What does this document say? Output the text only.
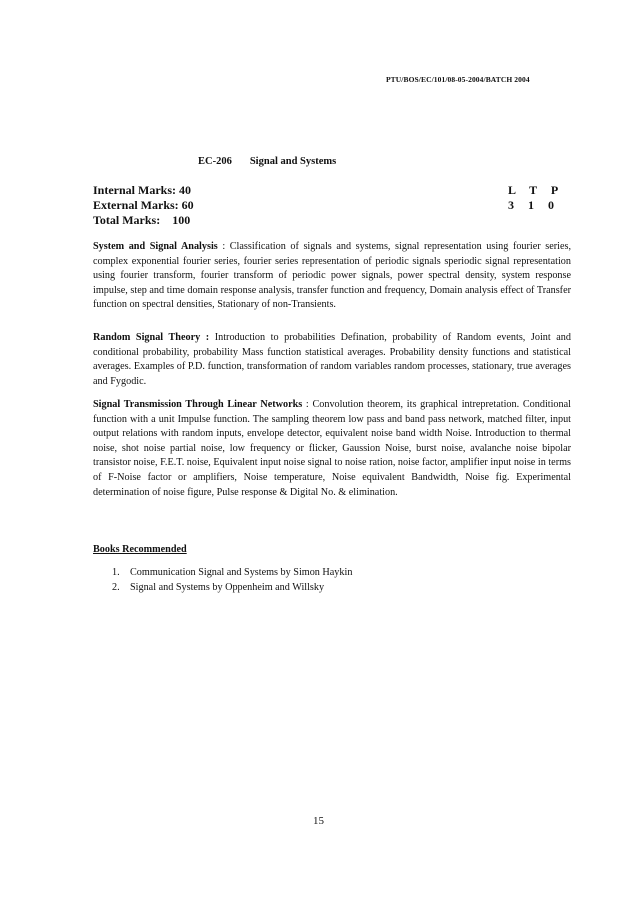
PTU/BOS/EC/101/08-05-2004/BATCH 2004
EC-206 Signal and Systems
Internal Marks: 40
External Marks: 60
Total Marks:    100
L  T  P
3  1  0
System and Signal Analysis : Classification of signals and systems, signal representation using fourier series, complex exponential fourier series, fourier series representation of periodic signals speriodic signal representation using fourier transform, fourier transform of periodic power signals, power spectral density, system response impulse, step and time domain response analysis, transfer function and frequency, Domain analysis effect of Transfer function on spectral densities, Stationary of non-Transients.
Random Signal Theory : Introduction to probabilities Defination, probability of Random events, Joint and conditional probability, probability Mass function statistical averages. Probability density functions and statistical averages. Examples of P.D. function, transformation of random variables random processes, stationary, true averages and Fygodic.
Signal Transmission Through Linear Networks : Convolution theorem, its graphical intrepretation. Conditional function with a unit Impulse function. The sampling theorem low pass and band pass network, matched filter, input output relations with random inputs, envelope detector, equivalent noise band width Noise. Introduction to thermal noise, shot noise partial noise, low frequency or flicker, Gaussion Noise, burst noise, avalanche noise bipolar transistor noise, F.E.T. noise, Equivalent input noise signal to noise ration, noise factor, amplifier input noise in terms of F-Noise factor or amplifiers, Noise temperature, Noise equivalent Bandwidth, Noise fig. Experimental determination of noise figure, Pulse response & Digital No. & elimination.
Books Recommended
1. Communication Signal and Systems by Simon Haykin
2. Signal and Systems by Oppenheim and Willsky
15
